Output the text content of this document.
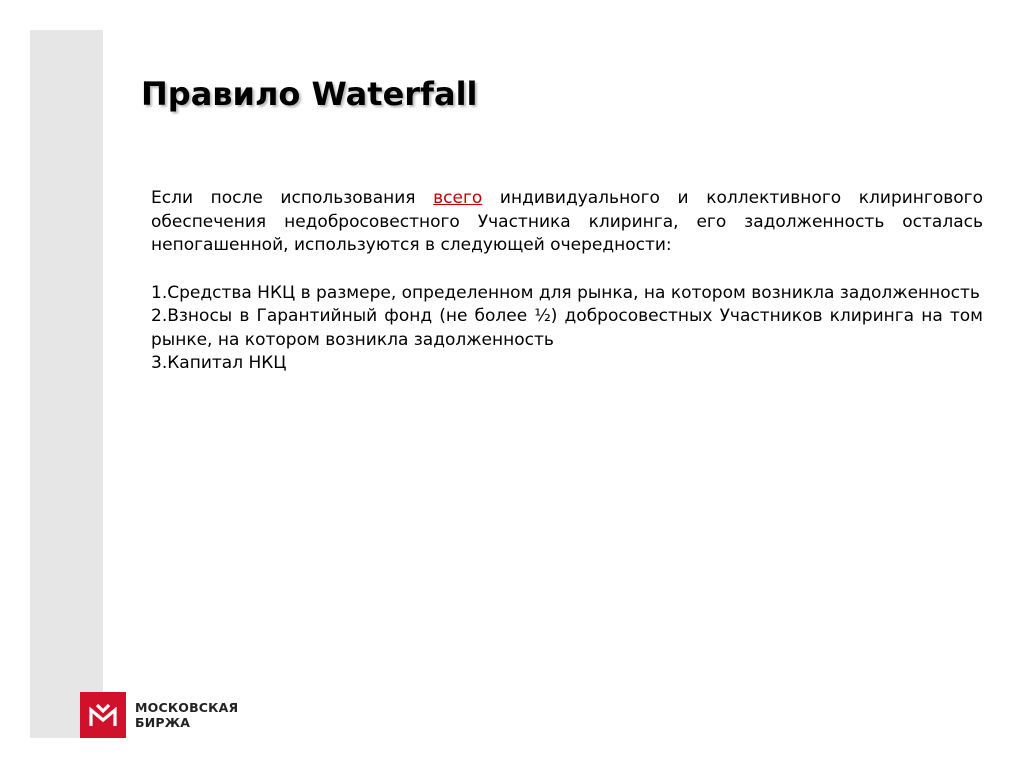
Правило Waterfall

Если после использования всего индивидуального и коллективного клирингового обеспечения недобросовестного Участника клиринга, его задолженность осталась непогашенной, используются в следующей очередности:

1.Средства НКЦ в размере, определенном для рынка, на котором возникла задолженность
2.Взносы в Гарантийный фонд (не более ½) добросовестных Участников клиринга на том рынке, на котором возникла задолженность
3.Капитал НКЦ
МОСКОВСКАЯ
БИРЖА
